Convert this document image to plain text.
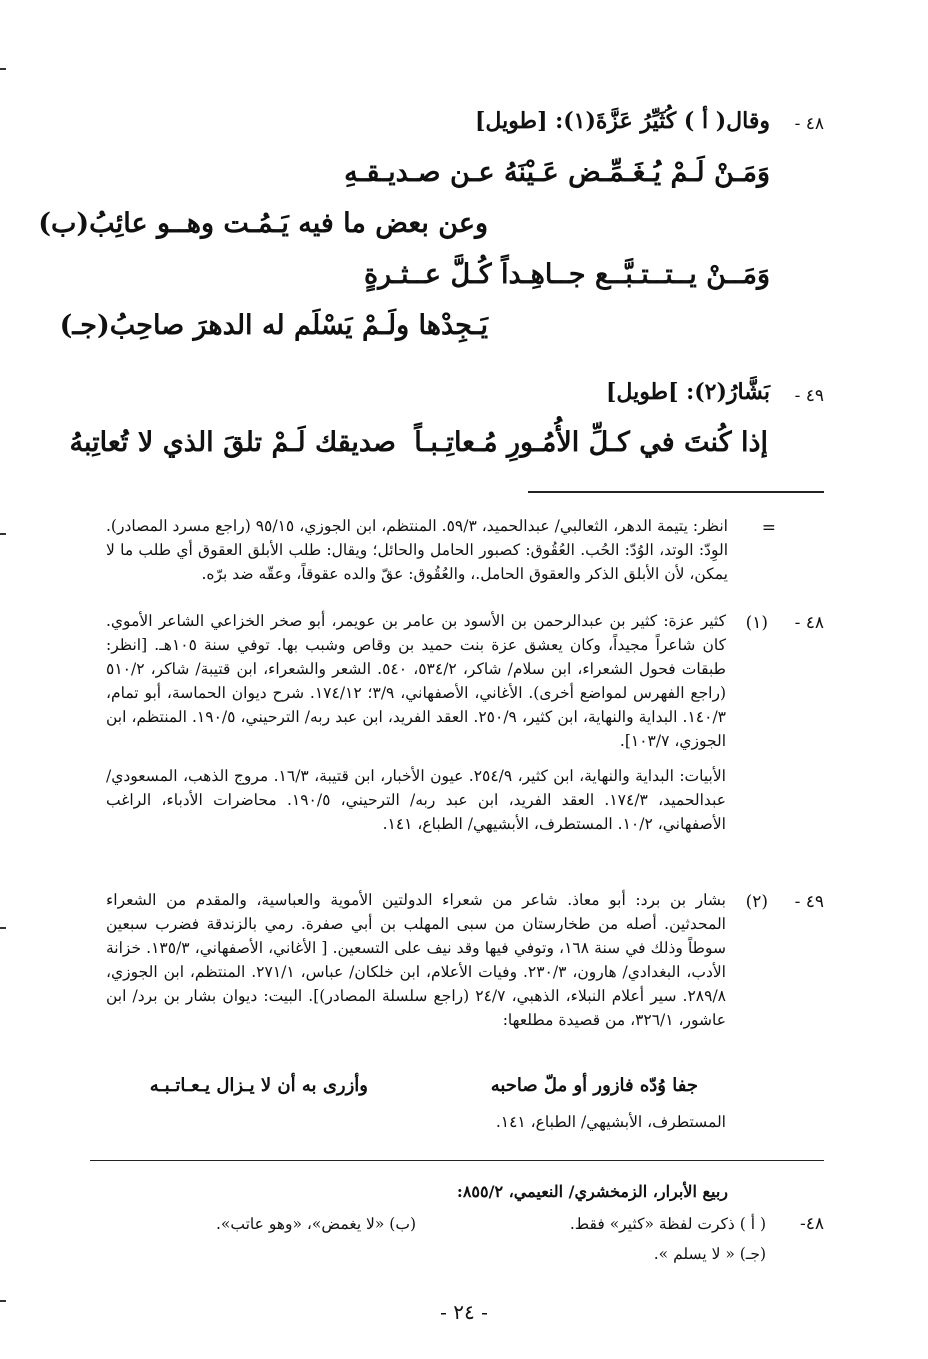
٤٨ -
وقال( أ ) كُثَيِّرُ عَزَّةَ(١): [طويل]
وَمَـنْ لَـمْ يُـغَـمِّـض عَـيْنَهُ عـن صـديـقـهِ
وعن بعض ما فيه يَـمُـت وهــو عائِبُ(ب)
وَمَــنْ يــتــتـبَّــع جــاهِـداً كُـلَّ عــثـرةٍ
يَـجِدْها ولَـمْ يَسْلَم له الدهرَ صاحِبُ(جـ)
٤٩ -
بَشَّارُ(٢): ]طويل]
إذا كُنتَ في كـلِّ الأُمُـورِ مُـعاتِـبـاً
صديقك لَـمْ تلقَ الذي لا تُعاتِبهُ
=
انظر: يتيمة الدهر، الثعالبي/ عبدالحميد، ٥٩/٣. المنتظم، ابن الجوزي، ٩٥/١٥ (راجع مسرد المصادر). الوِدّ: الوتد، الوُدّ: الحُب. العُقُوق: كصبور الحامل والحائل؛ ويقال: طلب الأبلق العقوق أي طلب ما لا يمكن، لأن الأبلق الذكر والعقوق الحامل.، والعُقُوق: عقّ والده عقوقاً، وعقّه ضد برّه.
٤٨ -
(١)
كثير عزة: كثير بن عبدالرحمن بن الأسود بن عامر بن عويمر، أبو صخر الخزاعي الشاعر الأموي. كان شاعراً مجيداً، وكان يعشق عزة بنت حميد بن وقاص وشبب بها. توفي سنة ١٠٥هـ. [انظر: طبقات فحول الشعراء، ابن سلام/ شاكر، ٥٣٤/٢، ٥٤٠. الشعر والشعراء، ابن قتيبة/ شاكر، ٥١٠/٢ (راجع الفهرس لمواضع أخرى). الأغاني، الأصفهاني، ٣/٩؛ ١٧٤/١٢. شرح ديوان الحماسة، أبو تمام، ١٤٠/٣. البداية والنهاية، ابن كثير، ٢٥٠/٩. العقد الفريد، ابن عبد ربه/ الترحيني، ١٩٠/٥. المنتظم، ابن الجوزي، ١٠٣/٧].
الأبيات: البداية والنهاية، ابن كثير، ٢٥٤/٩. عيون الأخبار، ابن قتيبة، ١٦/٣. مروج الذهب، المسعودي/ عبدالحميد، ١٧٤/٣. العقد الفريد، ابن عبد ربه/ الترحيني، ١٩٠/٥. محاضرات الأدباء، الراغب الأصفهاني، ١٠/٢. المستطرف، الأبشيهي/ الطباع، ١٤١.
٤٩ -
(٢)
بشار بن برد: أبو معاذ. شاعر من شعراء الدولتين الأموية والعباسية، والمقدم من الشعراء المحدثين. أصله من طخارستان من سبى المهلب بن أبي صفرة. رمي بالزندقة فضرب سبعين سوطاً وذلك في سنة ١٦٨، وتوفي فيها وقد نيف على التسعين. [ الأغاني، الأصفهاني، ١٣٥/٣. خزانة الأدب، البغدادي/ هارون، ٢٣٠/٣. وفيات الأعلام، ابن خلكان/ عباس، ٢٧١/١. المنتظم، ابن الجوزي، ٢٨٩/٨. سير أعلام النبلاء، الذهبي، ٢٤/٧ (راجع سلسلة المصادر)]. البيت: ديوان بشار بن برد/ ابن عاشور، ٣٢٦/١، من قصيدة مطلعها:
جفا وُدّه فازور أو ملّ صاحبه
وأزرى به أن لا يـزال يـعـاتـبـه
المستطرف، الأبشيهي/ الطباع، ١٤١.
ربيع الأبرار، الزمخشري/ النعيمي، ٨٥٥/٢:
٤٨-
( أ ) ذكرت لفظة «كثير» فقط.
(ب) «لا يغمض»، «وهو عاتب».
(جـ) « لا يسلم ».
- ٢٤ -
